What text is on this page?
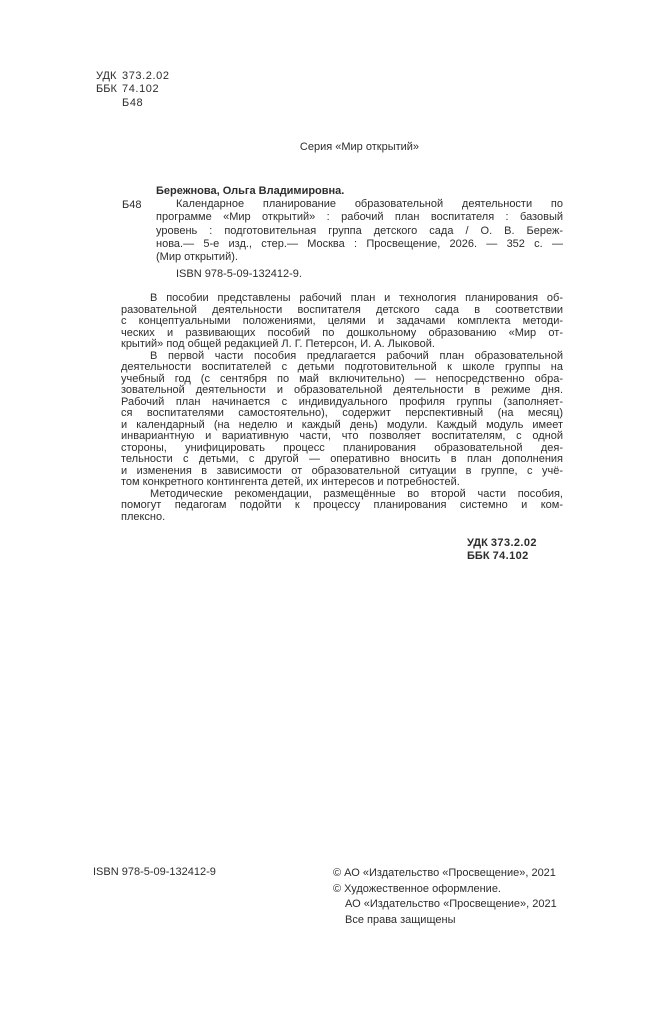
УДК 373.2.02
ББК 74.102
Б48
Серия «Мир открытий»
Бережнова, Ольга Владимировна.
Б48	Календарное планирование образовательной деятельности по
программе «Мир открытий» : рабочий план воспитателя : базовый
уровень : подготовительная группа детского сада / О. В. Береж-
нова.— 5-е изд., стер.— Москва : Просвещение, 2026. — 352 с. —
(Мир открытий).
ISBN 978-5-09-132412-9.
В пособии представлены рабочий план и технология планирования об-
разовательной деятельности воспитателя детского сада в соответствии
с концептуальными положениями, целями и задачами комплекта методи-
ческих и развивающих пособий по дошкольному образованию «Мир от-
крытий» под общей редакцией Л. Г. Петерсон, И. А. Лыковой.
В первой части пособия предлагается рабочий план образовательной
деятельности воспитателей с детьми подготовительной к школе группы на
учебный год (с сентября по май включительно) — непосредственно обра-
зовательной деятельности и образовательной деятельности в режиме дня.
Рабочий план начинается с индивидуального профиля группы (заполняет-
ся воспитателями самостоятельно), содержит перспективный (на месяц)
и календарный (на неделю и каждый день) модули. Каждый модуль имеет
инвариантную и вариативную части, что позволяет воспитателям, с одной
стороны, унифицировать процесс планирования образовательной дея-
тельности с детьми, с другой — оперативно вносить в план дополнения
и изменения в зависимости от образовательной ситуации в группе, с учё-
том конкретного контингента детей, их интересов и потребностей.
Методические рекомендации, размещённые во второй части пособия,
помогут педагогам подойти к процессу планирования системно и ком-
плексно.
УДК 373.2.02
ББК 74.102
ISBN 978-5-09-132412-9	© АО «Издательство «Просвещение», 2021
© Художественное оформление.
АО «Издательство «Просвещение», 2021
Все права защищены
